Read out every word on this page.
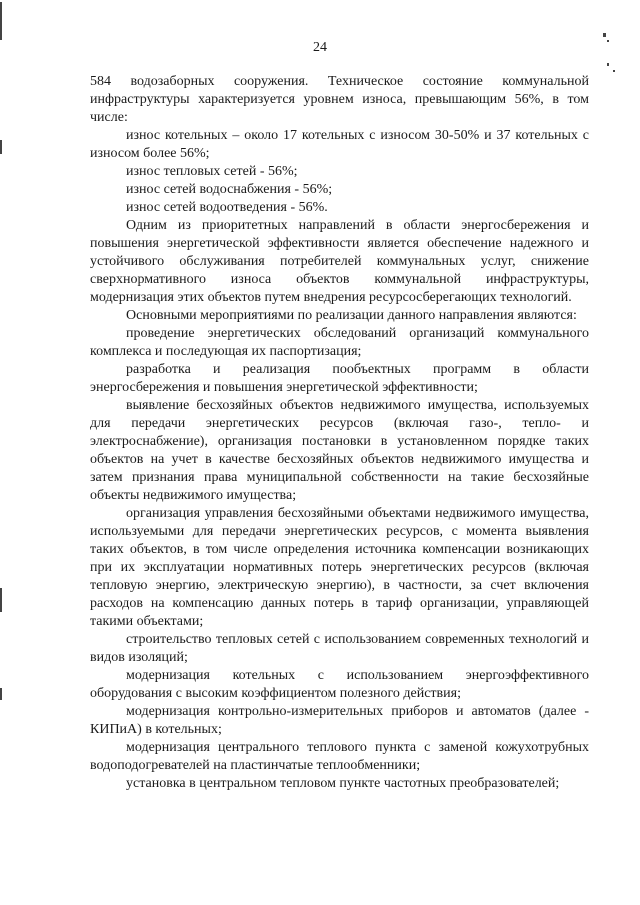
24

584 водозаборных сооружения. Техническое состояние коммунальной инфраструктуры характеризуется уровнем износа, превышающим 56%, в том числе:

износ котельных – около 17 котельных с износом 30-50% и 37 котельных с износом более 56%;

износ тепловых сетей - 56%;

износ сетей водоснабжения - 56%;

износ сетей водоотведения - 56%.

Одним из приоритетных направлений в области энергосбережения и повышения энергетической эффективности является обеспечение надежного и устойчивого обслуживания потребителей коммунальных услуг, снижение сверхнормативного износа объектов коммунальной инфраструктуры, модернизация этих объектов путем внедрения ресурсосберегающих технологий.

Основными мероприятиями по реализации данного направления являются:

проведение энергетических обследований организаций коммунального комплекса и последующая их паспортизация;

разработка и реализация пообъектных программ в области энергосбережения и повышения энергетической эффективности;

выявление бесхозяйных объектов недвижимого имущества, используемых для передачи энергетических ресурсов (включая газо-, тепло- и электроснабжение), организация постановки в установленном порядке таких объектов на учет в качестве бесхозяйных объектов недвижимого имущества и затем признания права муниципальной собственности на такие бесхозяйные объекты недвижимого имущества;

организация управления бесхозяйными объектами недвижимого имущества, используемыми для передачи энергетических ресурсов, с момента выявления таких объектов, в том числе определения источника компенсации возникающих при их эксплуатации нормативных потерь энергетических ресурсов (включая тепловую энергию, электрическую энергию), в частности, за счет включения расходов на компенсацию данных потерь в тариф организации, управляющей такими объектами;

строительство тепловых сетей с использованием современных технологий и видов изоляций;

модернизация котельных с использованием энергоэффективного оборудования с высоким коэффициентом полезного действия;

модернизация контрольно-измерительных приборов и автоматов (далее - КИПиА) в котельных;

модернизация центрального теплового пункта с заменой кожухотрубных водоподогревателей на пластинчатые теплообменники;

установка в центральном тепловом пункте частотных преобразователей;
